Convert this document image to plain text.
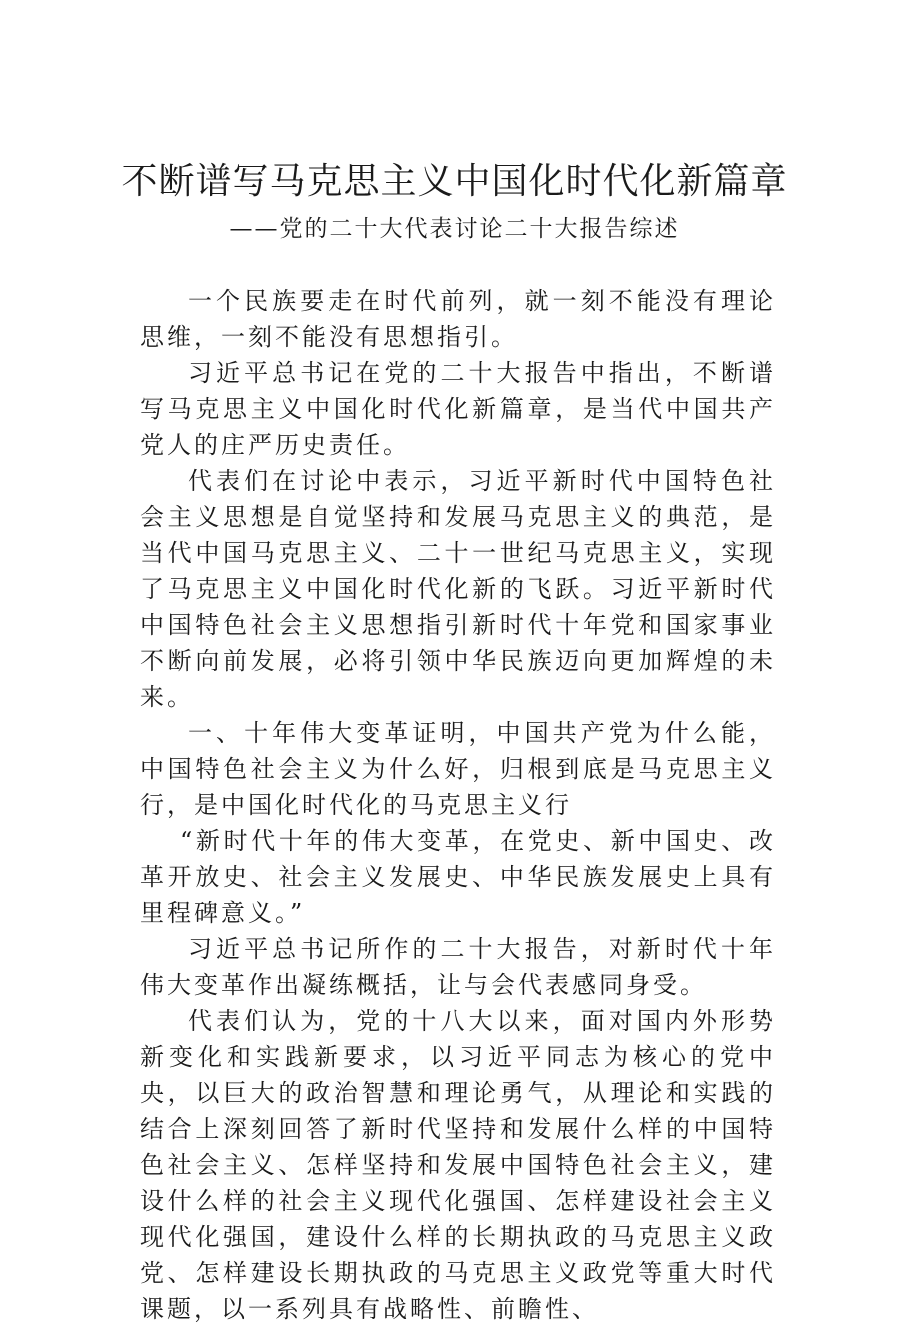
不断谱写马克思主义中国化时代化新篇章
——党的二十大代表讨论二十大报告综述

一个民族要走在时代前列，就一刻不能没有理论思维，一刻不能没有思想指引。

习近平总书记在党的二十大报告中指出，不断谱写马克思主义中国化时代化新篇章，是当代中国共产党人的庄严历史责任。

代表们在讨论中表示，习近平新时代中国特色社会主义思想是自觉坚持和发展马克思主义的典范，是当代中国马克思主义、二十一世纪马克思主义，实现了马克思主义中国化时代化新的飞跃。习近平新时代中国特色社会主义思想指引新时代十年党和国家事业不断向前发展，必将引领中华民族迈向更加辉煌的未来。

一、十年伟大变革证明，中国共产党为什么能，中国特色社会主义为什么好，归根到底是马克思主义行，是中国化时代化的马克思主义行

“新时代十年的伟大变革，在党史、新中国史、改革开放史、社会主义发展史、中华民族发展史上具有里程碑意义。”

习近平总书记所作的二十大报告，对新时代十年伟大变革作出凝练概括，让与会代表感同身受。

代表们认为，党的十八大以来，面对国内外形势新变化和实践新要求，以习近平同志为核心的党中央，以巨大的政治智慧和理论勇气，从理论和实践的结合上深刻回答了新时代坚持和发展什么样的中国特色社会主义、怎样坚持和发展中国特色社会主义，建设什么样的社会主义现代化强国、怎样建设社会主义现代化强国，建设什么样的长期执政的马克思主义政党、怎样建设长期执政的马克思主义政党等重大时代课题，以一系列具有战略性、前瞻性、
